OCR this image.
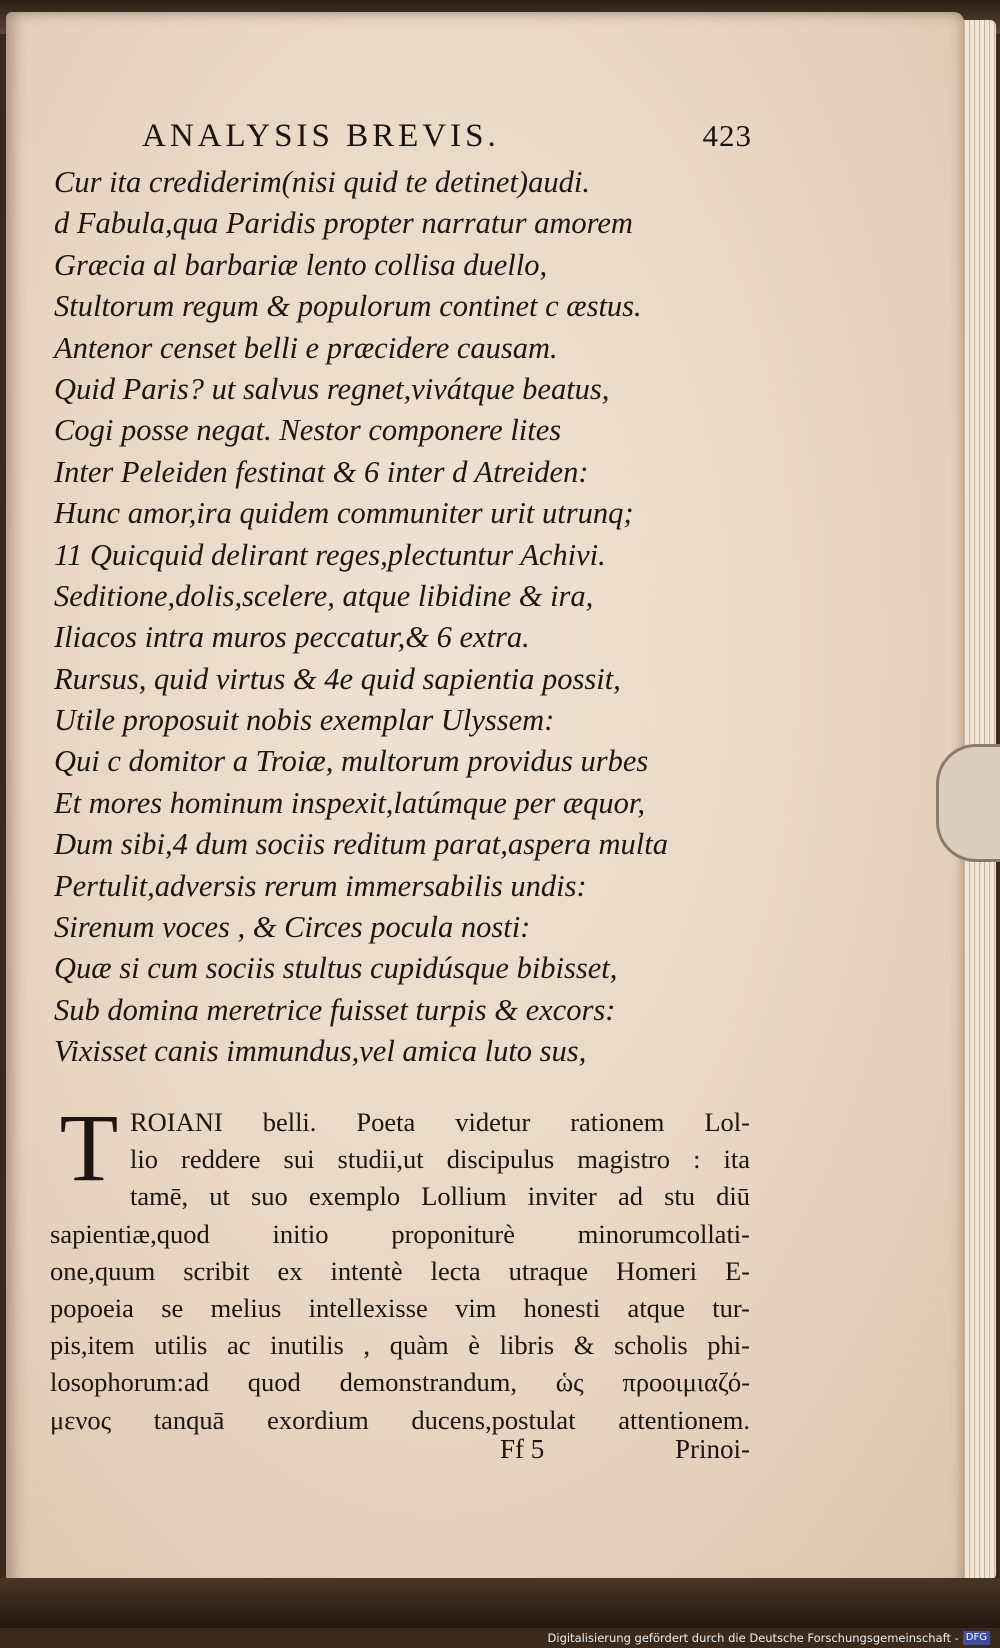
ANALYSIS BREVIS.	423
Cur ita crediderim(nisi quid te detinet)audi.
d Fabula,qua Paridis propter narratur amorem
Græcia al barbariæ lento collisa duello,
Stultorum regum & populorum continet c æstus.
Antenor censet belli e præcidere causam.
Quid Paris? ut salvus regnet,vivátque beatus,
Cogi posse negat. Nestor componere lites
Inter Peleiden festinat & 6 inter d Atreiden:
Hunc amor,ira quidem communiter urit utrunq;
11 Quicquid delirant reges,plectuntur Achivi.
Seditione,dolis,scelere, atque libidine & ira,
Iliacos intra muros peccatur,& 6 extra.
Rursus, quid virtus & 4e quid sapientia possit,
Utile proposuit nobis exemplar Ulyssem:
Qui c domitor a Troiæ, multorum providus urbes
Et mores hominum inspexit,latúmque per æquor,
Dum sibi,4 dum sociis reditum parat,aspera multa
Pertulit,adversis rerum immersabilis undis:
Sirenum voces , & Circes pocula nosti:
Quæ si cum sociis stultus cupidúsque bibisset,
Sub domina meretrice fuisset turpis & excors:
Vixisset canis immundus,vel amica luto sus,
T ROIANI belli. Poeta videtur rationem Lol-
lio reddere sui studii,ut discipulus magistro : ita
tamē, ut suo exemplo Lollium inviter ad stu diū
sapientiæ,quod initio proponiturè minorumcollati-
one,quum scribit ex intentè lecta utraque Homeri E-
popoeia se melius intellexisse vim honesti atque tur-
pis,item utilis ac inutilis , quàm è libris & scholis phi-
losophorum:ad quod demonstrandum, ὡς προοιμιαζό-
μενος tanquā exordium ducens,postulat attentionem.
Ff 5	Prinoi-
Digitalisierung gefördert durch die Deutsche Forschungsgemeinschaft - DFG
